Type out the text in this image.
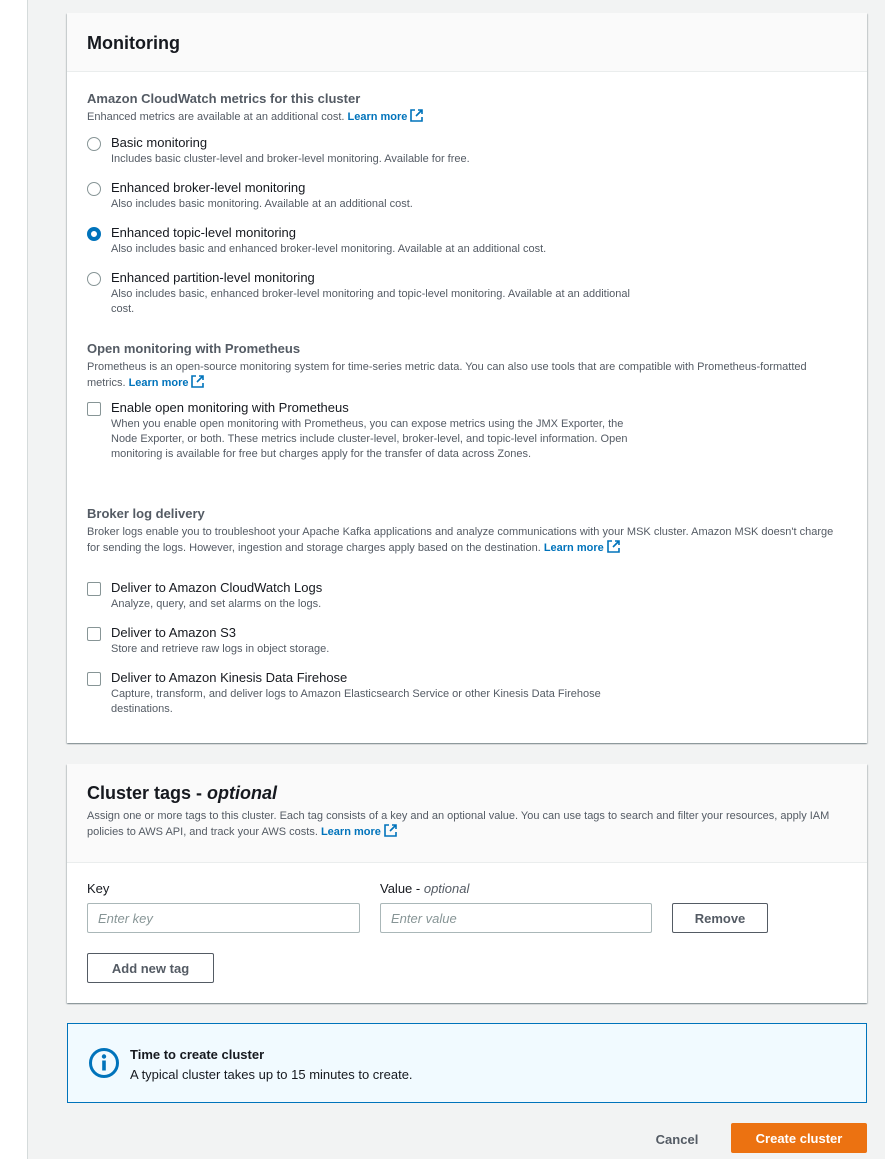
Monitoring
Amazon CloudWatch metrics for this cluster
Enhanced metrics are available at an additional cost. Learn more
Basic monitoring
Includes basic cluster-level and broker-level monitoring. Available for free.
Enhanced broker-level monitoring
Also includes basic monitoring. Available at an additional cost.
Enhanced topic-level monitoring
Also includes basic and enhanced broker-level monitoring. Available at an additional cost.
Enhanced partition-level monitoring
Also includes basic, enhanced broker-level monitoring and topic-level monitoring. Available at an additional cost.
Open monitoring with Prometheus
Prometheus is an open-source monitoring system for time-series metric data. You can also use tools that are compatible with Prometheus-formatted metrics. Learn more
Enable open monitoring with Prometheus
When you enable open monitoring with Prometheus, you can expose metrics using the JMX Exporter, the Node Exporter, or both. These metrics include cluster-level, broker-level, and topic-level information. Open monitoring is available for free but charges apply for the transfer of data across Zones.
Broker log delivery
Broker logs enable you to troubleshoot your Apache Kafka applications and analyze communications with your MSK cluster. Amazon MSK doesn't charge for sending the logs. However, ingestion and storage charges apply based on the destination. Learn more
Deliver to Amazon CloudWatch Logs
Analyze, query, and set alarms on the logs.
Deliver to Amazon S3
Store and retrieve raw logs in object storage.
Deliver to Amazon Kinesis Data Firehose
Capture, transform, and deliver logs to Amazon Elasticsearch Service or other Kinesis Data Firehose destinations.
Cluster tags - optional
Assign one or more tags to this cluster. Each tag consists of a key and an optional value. You can use tags to search and filter your resources, apply IAM policies to AWS API, and track your AWS costs. Learn more
Key	Value - optional
Enter key
Enter value
Remove
Add new tag
Time to create cluster
A typical cluster takes up to 15 minutes to create.
Cancel	Create cluster
